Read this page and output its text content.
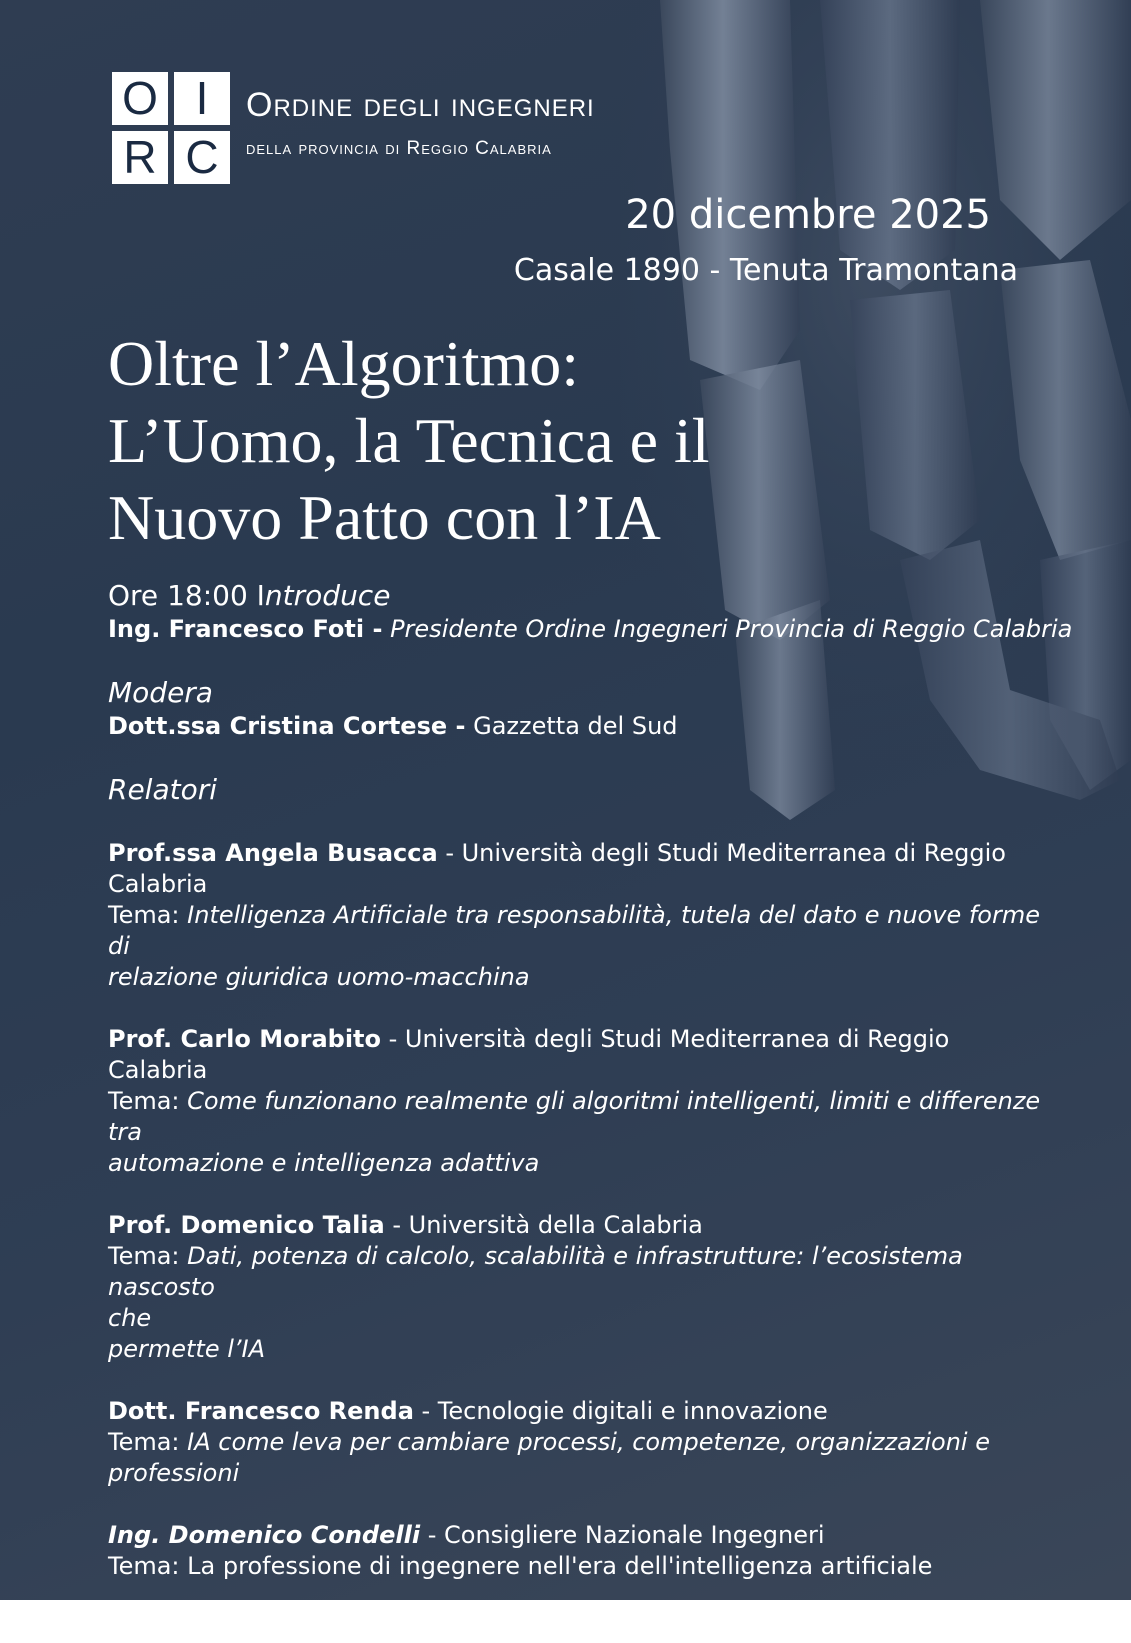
O I
R C
Ordine degli ingegneri
della provincia di Reggio Calabria
20 dicembre 2025
Casale 1890 - Tenuta Tramontana
Oltre l’Algoritmo:
L’Uomo, la Tecnica e il
Nuovo Patto con l’IA
Ore 18:00 Introduce
Ing. Francesco Foti - Presidente Ordine Ingegneri Provincia di Reggio Calabria
Modera
Dott.ssa Cristina Cortese - Gazzetta del Sud
Relatori
Prof.ssa Angela Busacca - Università degli Studi Mediterranea di Reggio Calabria
Tema: Intelligenza Artificiale tra responsabilità, tutela del dato e nuove forme di
relazione giuridica uomo-macchina
Prof. Carlo Morabito - Università degli Studi Mediterranea di Reggio Calabria
Tema: Come funzionano realmente gli algoritmi intelligenti, limiti e differenze tra
automazione e intelligenza adattiva
Prof. Domenico Talia - Università della Calabria
Tema: Dati, potenza di calcolo, scalabilità e infrastrutture: l’ecosistema nascosto
che
permette l’IA
Dott. Francesco Renda - Tecnologie digitali e innovazione
Tema: IA come leva per cambiare processi, competenze, organizzazioni e
professioni
Ing. Domenico Condelli - Consigliere Nazionale Ingegneri
Tema: La professione di ingegnere nell'era dell'intelligenza artificiale
Ore 19:00 interventi e dialogo
